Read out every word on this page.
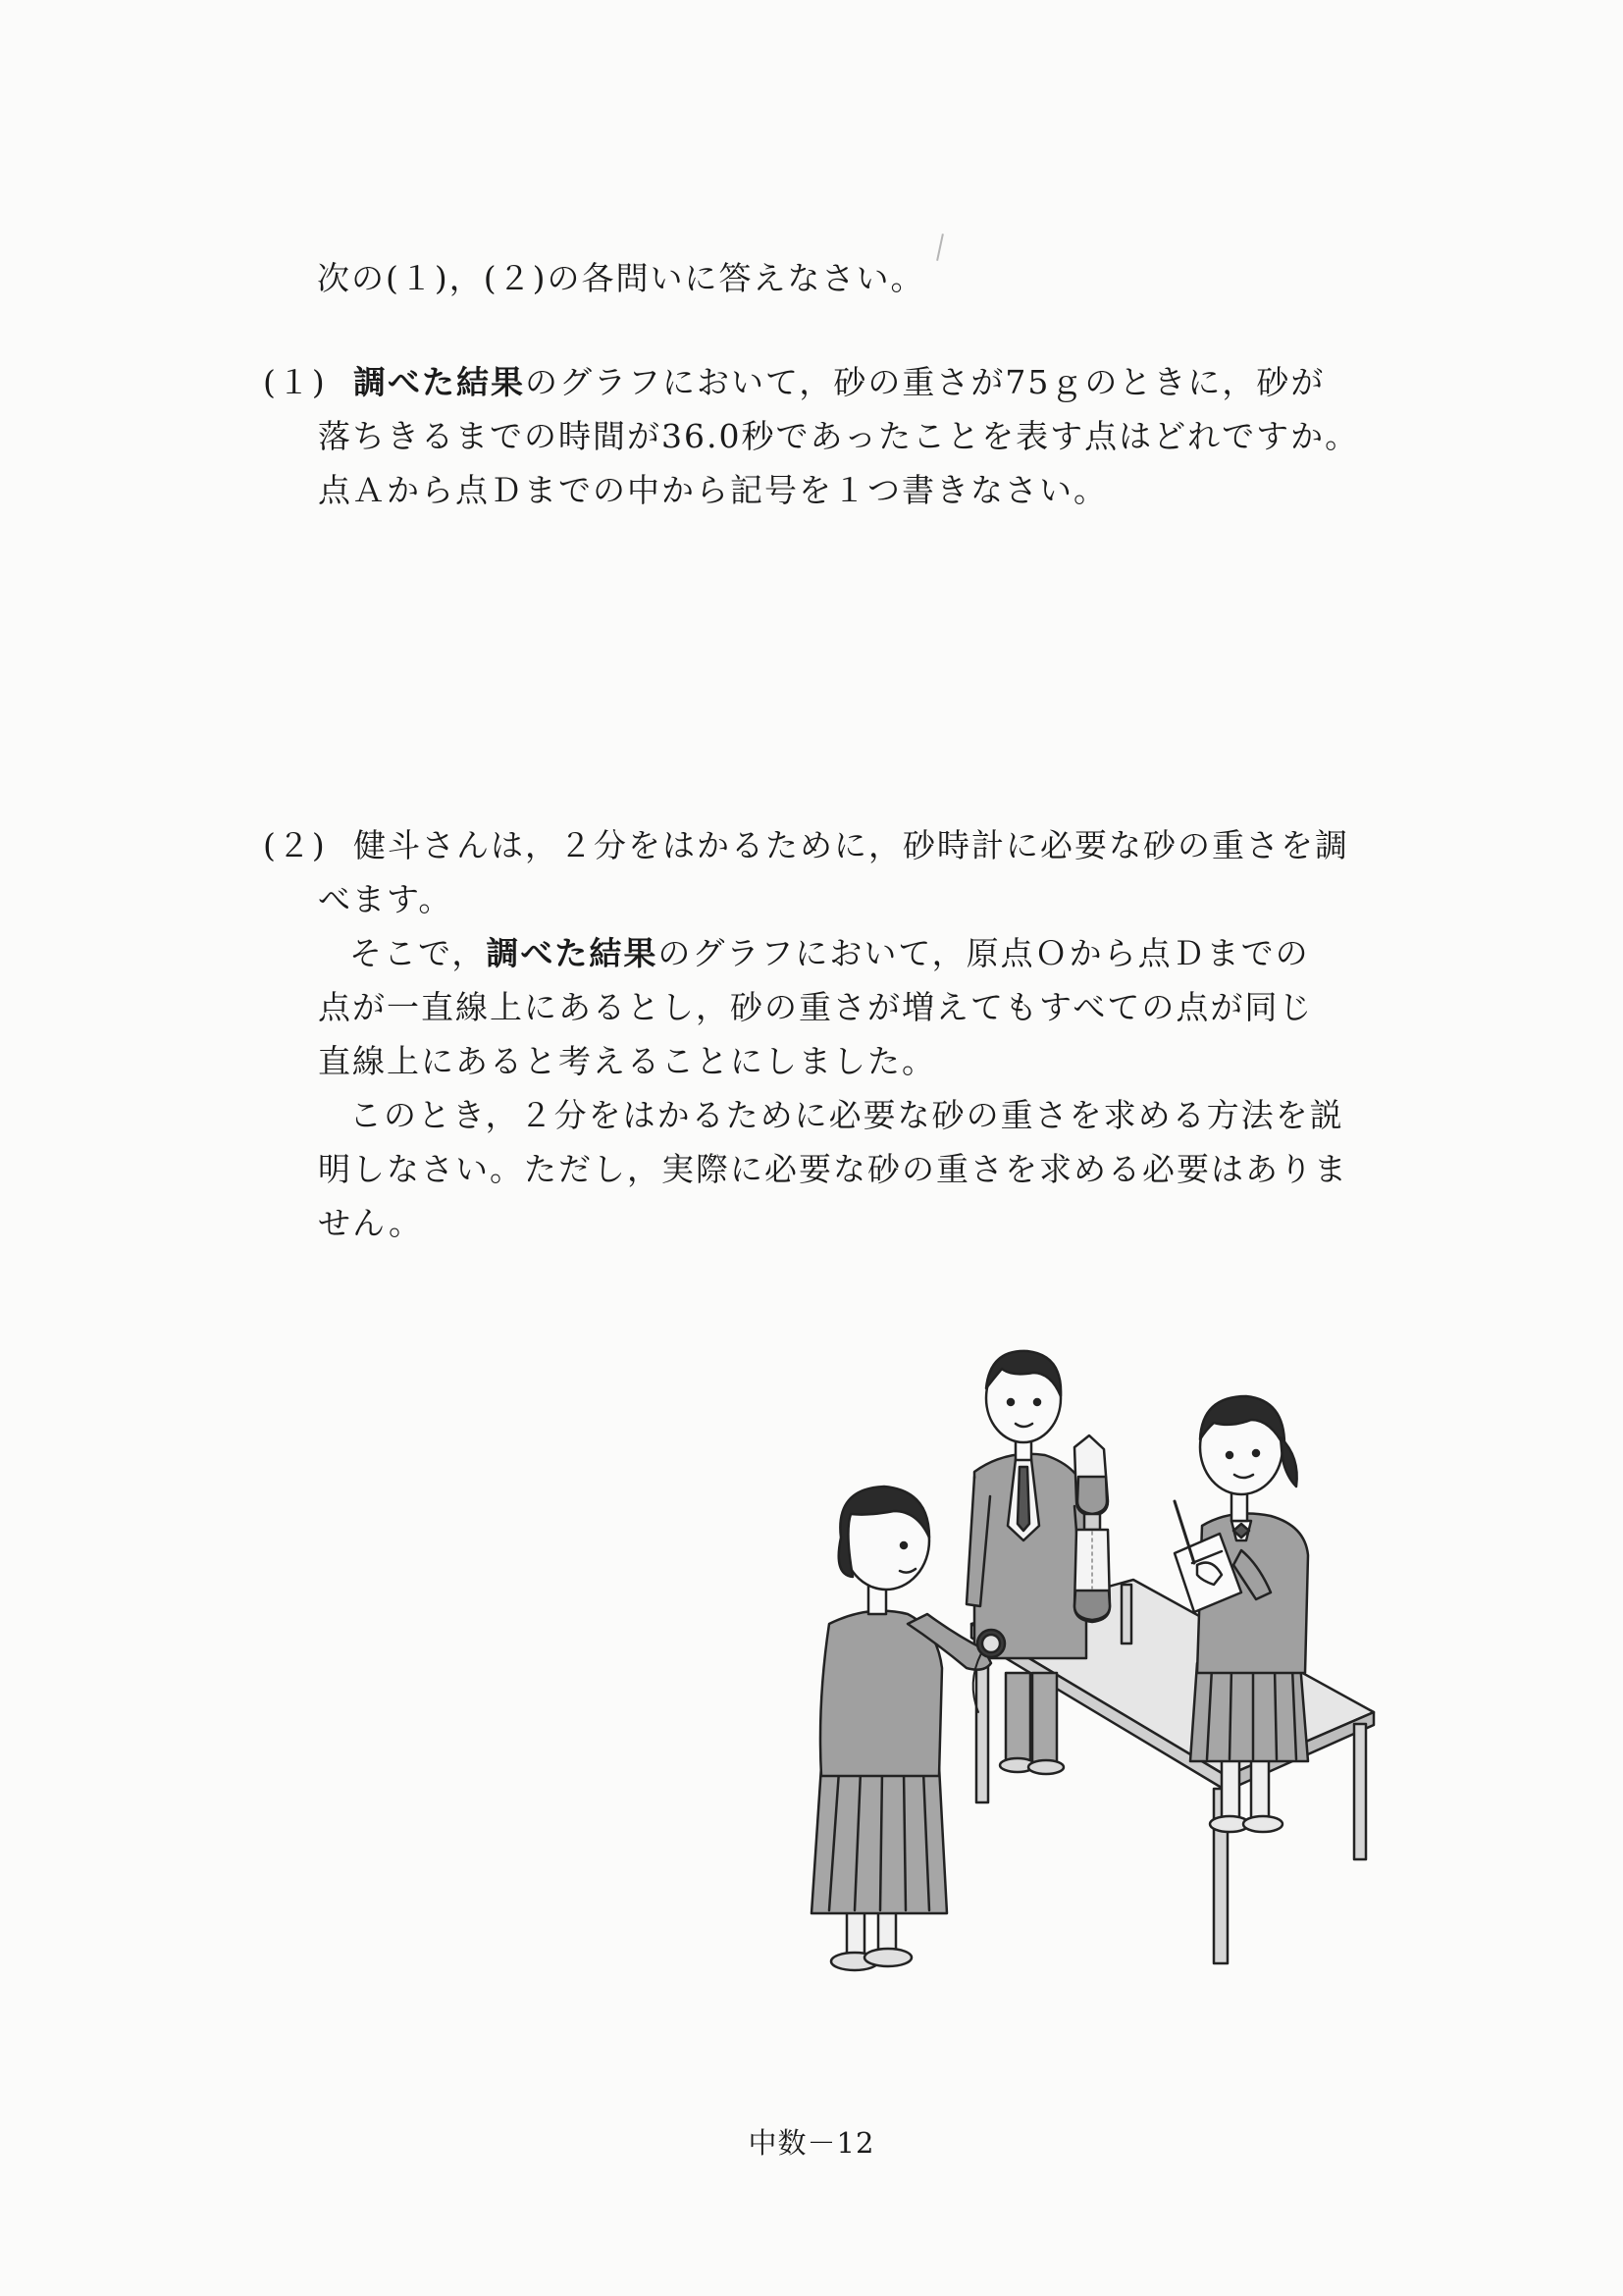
次の(１)，(２)の各問いに答えなさい。
(１) 調べた結果のグラフにおいて，砂の重さが75ｇのときに，砂が
落ちきるまでの時間が36.0秒であったことを表す点はどれですか。
点Ａから点Ｄまでの中から記号を１つ書きなさい。
(２) 健斗さんは，２分をはかるために，砂時計に必要な砂の重さを調
べます。
そこで，調べた結果のグラフにおいて，原点Ｏから点Ｄまでの
点が一直線上にあるとし，砂の重さが増えてもすべての点が同じ
直線上にあると考えることにしました。
このとき，２分をはかるために必要な砂の重さを求める方法を説
明しなさい。ただし，実際に必要な砂の重さを求める必要はありま
せん。
中数－12
